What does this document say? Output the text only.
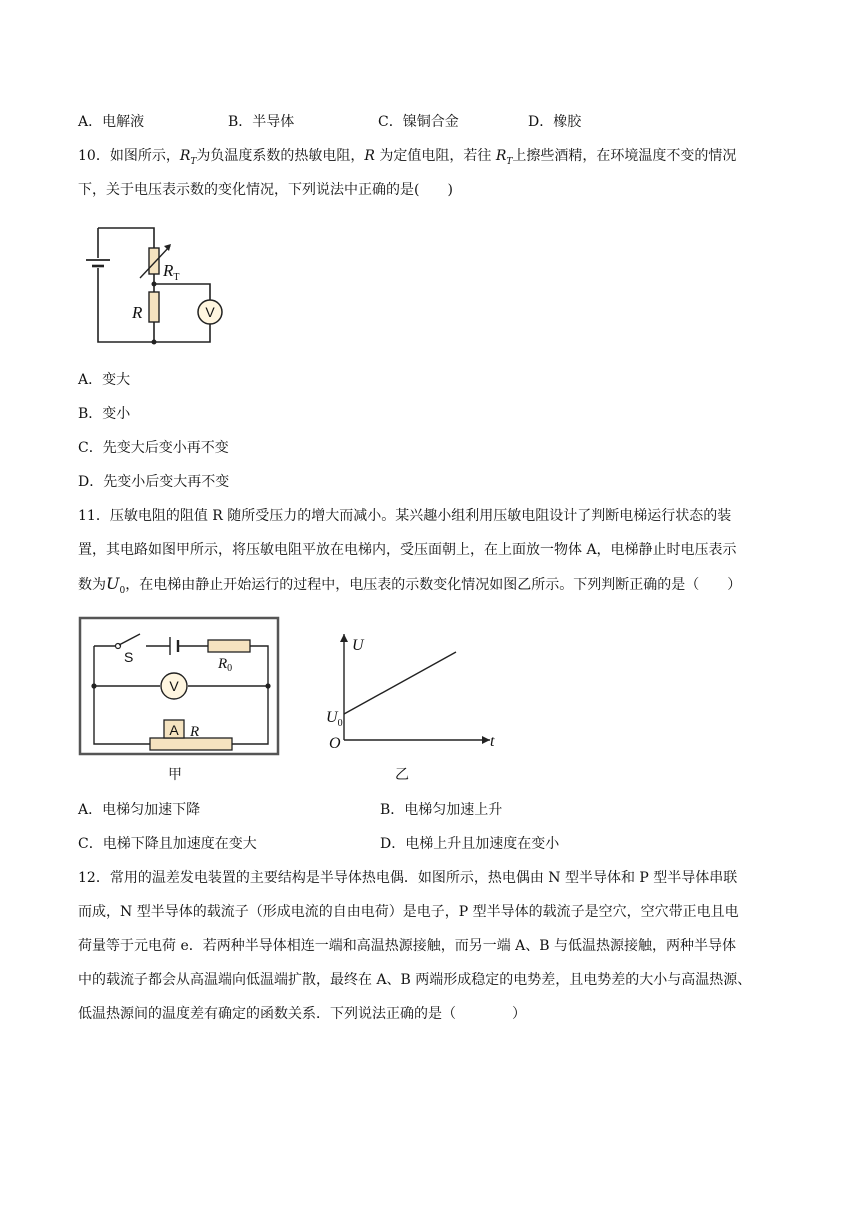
A．电解液	B．半导体	C．镍铜合金	D．橡胶
10．如图所示，$R_T$为负温度系数的热敏电阻，R 为定值电阻，若往 $R_T$上擦些酒精，在环境温度不变的情况
下，关于电压表示数的变化情况，下列说法中正确的是(　　)
V
$R_T$
R
A．变大
B．变小
C．先变大后变小再不变
D．先变小后变大再不变
11．压敏电阻的阻值 R 随所受压力的增大而减小。某兴趣小组利用压敏电阻设计了判断电梯运行状态的装
置，其电路如图甲所示，将压敏电阻平放在电梯内，受压面朝上，在上面放一物体 A，电梯静止时电压表示
数为$U_0$，在电梯由静止开始运行的过程中，电压表的示数变化情况如图乙所示。下列判断正确的是（　　）
V
A
S	$R_0$
R
甲
U
t
O
$U_0$
乙
A．电梯匀加速下降	B．电梯匀加速上升
C．电梯下降且加速度在变大	D．电梯上升且加速度在变小
12．常用的温差发电装置的主要结构是半导体热电偶．如图所示，热电偶由 N 型半导体和 P 型半导体串联
而成，N 型半导体的载流子（形成电流的自由电荷）是电子，P 型半导体的载流子是空穴，空穴带正电且电
荷量等于元电荷 e．若两种半导体相连一端和高温热源接触，而另一端 A、B 与低温热源接触，两种半导体
中的载流子都会从高温端向低温端扩散，最终在 A、B 两端形成稳定的电势差，且电势差的大小与高温热源、
低温热源间的温度差有确定的函数关系．下列说法正确的是（　　　　）
